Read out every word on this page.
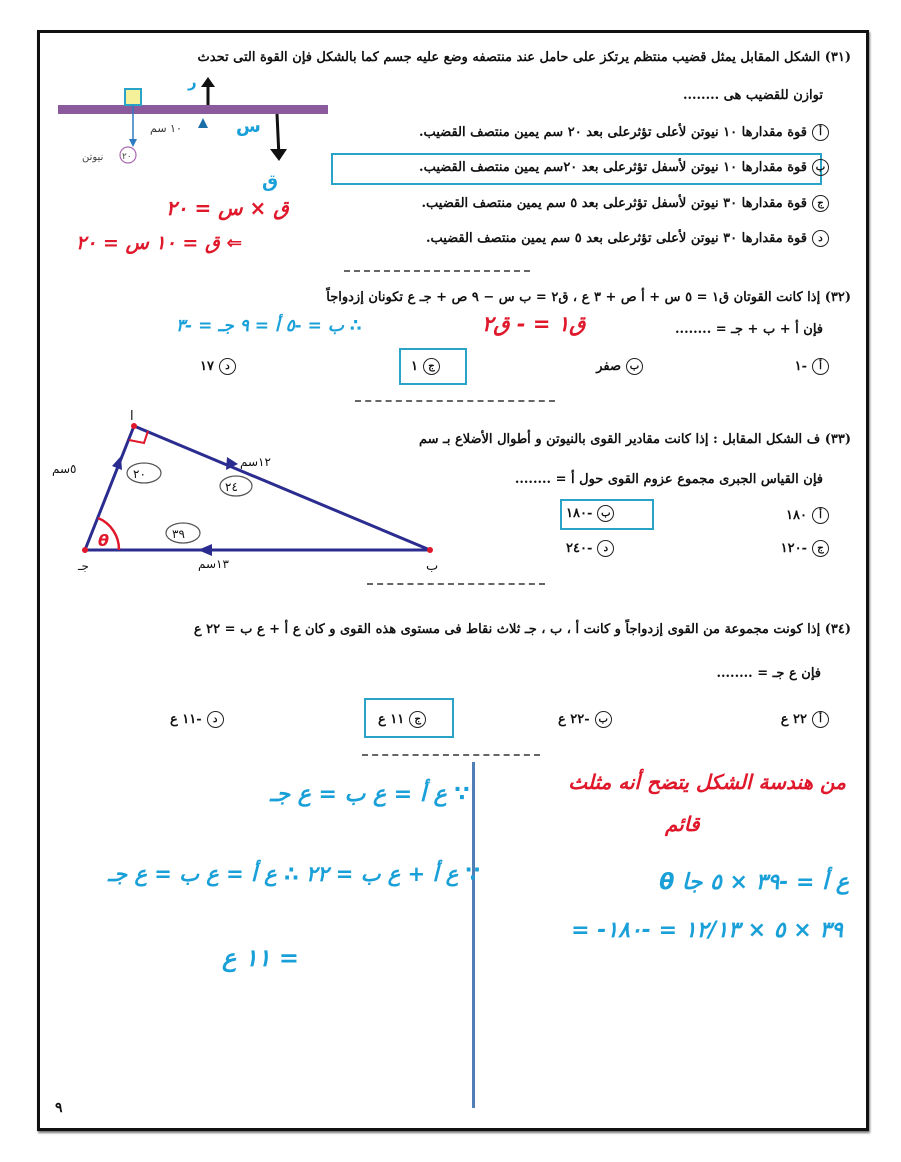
(٣١) الشكل المقابل يمثل قضيب منتظم يرتكز على حامل عند منتصفه وضع عليه جسم كما بالشكل فإن القوة التى تحدث
توازن للقضيب هى ........
أقوة مقدارها ١٠ نيوتن لأعلى تؤثرعلى بعد ٢٠ سم يمين منتصف القضيب.
بقوة مقدارها ١٠ نيوتن لأسفل تؤثرعلى بعد ٢٠سم يمين منتصف القضيب.
جقوة مقدارها ٣٠ نيوتن لأسفل تؤثرعلى بعد ٥ سم يمين منتصف القضيب.
دقوة مقدارها ٣٠ نيوتن لأعلى تؤثرعلى بعد ٥ سم يمين منتصف القضيب.
١٠ سم
٢٠
نيوتن
ر
س
ق
ق × س = ٢٠
⇐ ق = ١٠ س = ٢٠
(٣٢) إذا كانت القوتان ق١ = ٥ س + أ ص + ٣ ع ، ق٢ = ب س − ٩ ص + جـ ع تكونان إزدواجاً
فإن أ + ب + جـ = ........
ق١ = - ق٢
∴ ب = -٥ أ = ٩ جـ = -٣
أ-١
بصفر
ج١
د١٧
(٣٣) ف الشكل المقابل : إذا كانت مقادير القوى بالنيوتن و أطوال الأضلاع بـ سم
فإن القياس الجبرى مجموع عزوم القوى حول أ = ........
أ١٨٠
ب-١٨٠
ج-١٢٠
د-٢٤٠
θ
أ
جـ	ب
٥سم	١٢سم
١٣سم
٢٠
٢٤
٣٩
(٣٤) إذا كونت مجموعة من القوى إزدواجاً و كانت أ ، ب ، جـ ثلاث نقاط فى مستوى هذه القوى و كان ع أ + ع ب = ٢٢ ع
فإن ع جـ = ........
أ٢٢ ع
ب-٢٢ ع
ج١١ ع
د-١١ ع
من هندسة الشكل يتضح أنه مثلث
قائم
ع أ = -٣٩ × ٥ جا θ
= -٣٩ × ٥ × ١٢/١٣ = -١٨٠
∵ ع أ = ع ب = ع جـ
∵ ع أ + ع ب = ٢٢ ∴ ع أ = ع ب = ع جـ
= ١١ ع
٩
